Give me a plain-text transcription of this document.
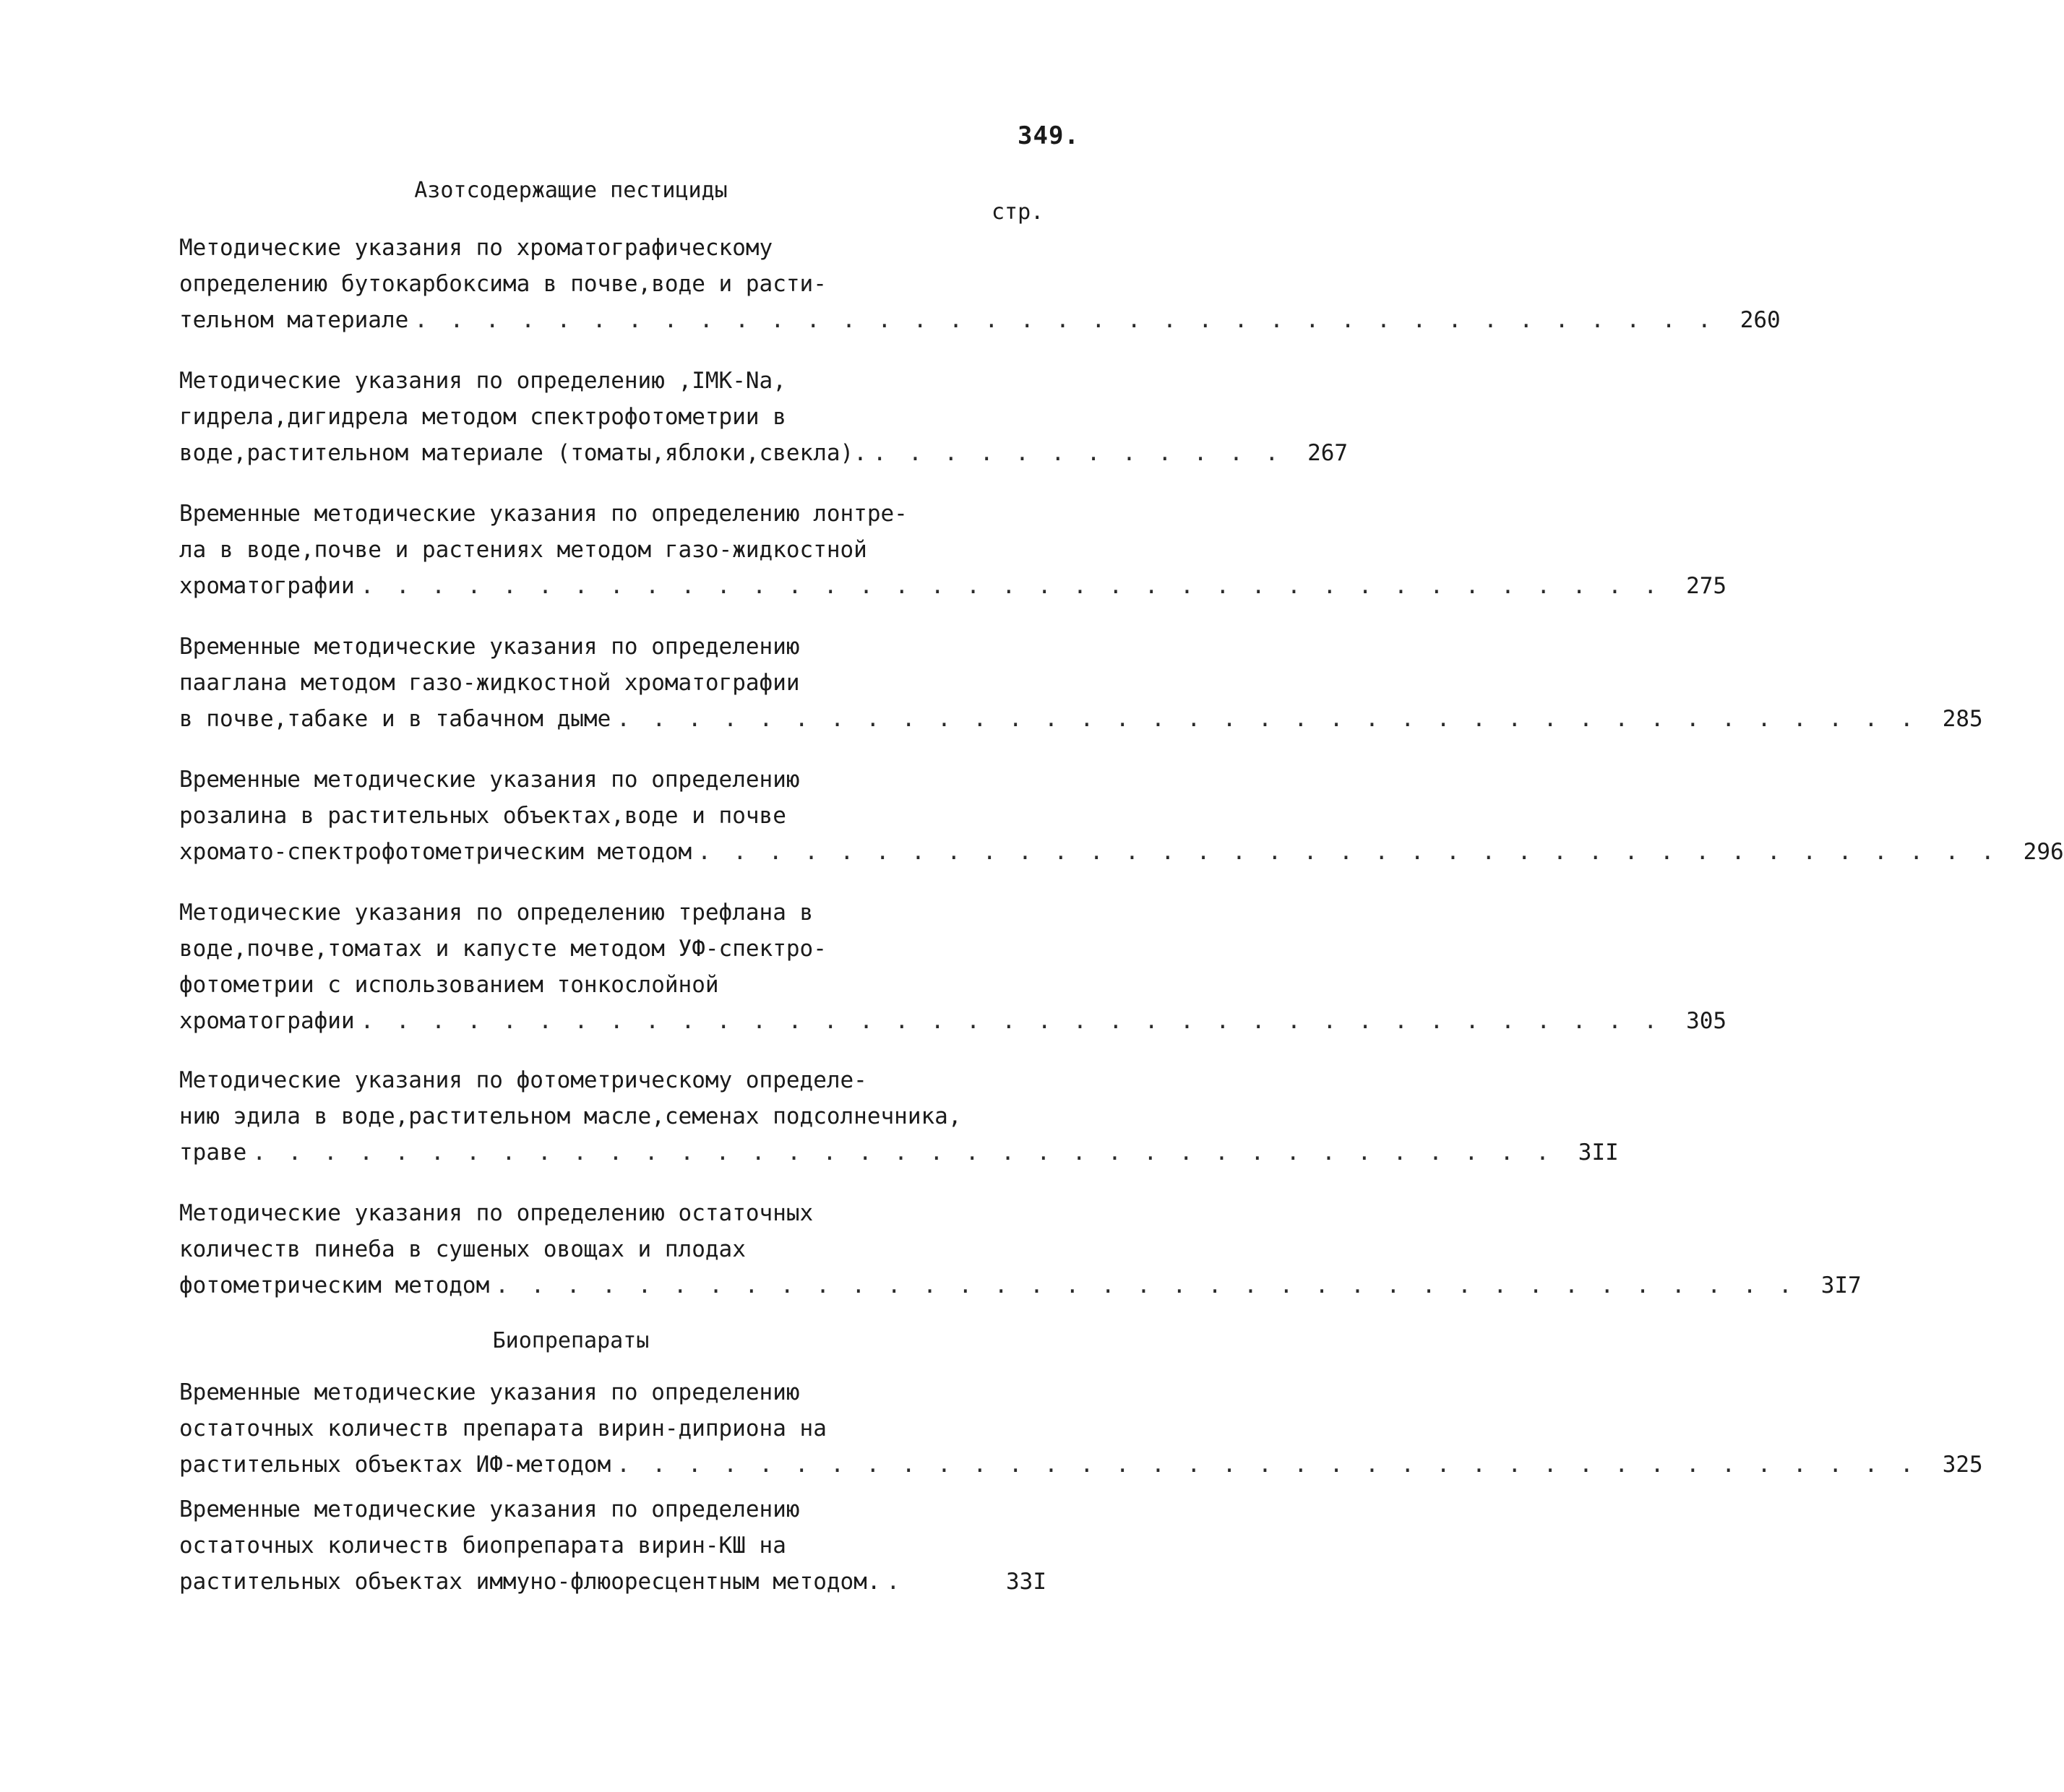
349.
Азотсодержащие пестициды
стр.
Методические указания по хроматографическому
определению бутоκарбоксима в почве,воде и расти-
тельном материале . . . . . . . . . . . . . . . . . . . . . . . . . . . . . . . . . . . . .	260
Методические указания по определению ,IMK-Na,
гидрела,дигидрела методом спектрофотометрии в
воде,растительном материале (томаты,яблоки,свекла). . . . . . . . . . . . .	267
Временные методические указания по определению лонтре-
ла в воде,почве и растениях методом газо-жидкостной
хроматографии . . . . . . . . . . . . . . . . . . . . . . . . . . . . . . . . . . . . .	275
Временные методические указания по определению
пааглана методом газо-жидкостной хроматографии
в почве,табаке и в табачном дыме . . . . . . . . . . . . . . . . . . . . . . . . . . . . . . . . . . . . .	285
Временные методические указания по определению
розалина в растительных объектах,воде и почве
хромато-спектрофотометрическим методом . . . . . . . . . . . . . . . . . . . . . . . . . . . . . . . . . . . . .	296
Методические указания по определению трефлана в
воде,почве,томатах и капусте методом УФ-спектро-
фотометрии с использованием тонкослойной
хроматографии . . . . . . . . . . . . . . . . . . . . . . . . . . . . . . . . . . . . .	305
Методические указания по фотометрическому определе-
нию эдила в воде,растительном масле,семенах подсолнечника,
траве . . . . . . . . . . . . . . . . . . . . . . . . . . . . . . . . . . . . .	3II
Методические указания по определению остаточных
количеств пинеба в сушеных овощах и плодах
фотометрическим методом . . . . . . . . . . . . . . . . . . . . . . . . . . . . . . . . . . . . .	3I7
Биопрепараты
Временные методические указания по определению
остаточных количеств препарата вирин-диприона на
растительных объектах ИФ-методом . . . . . . . . . . . . . . . . . . . . . . . . . . . . . . . . . . . . .	325
Временные методические указания по определению
остаточных количеств биопрепарата вирин-КШ на
растительных объектах иммуно-флюоресцентным методом. .	33I
